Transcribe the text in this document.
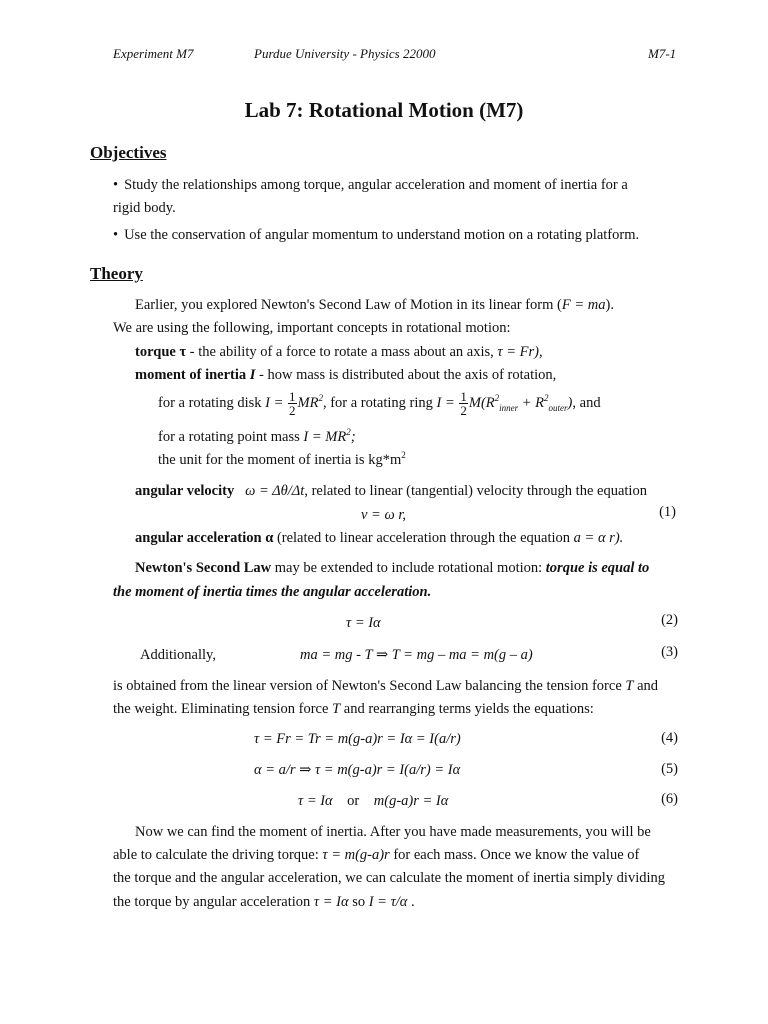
Experiment M7	Purdue University - Physics 22000	M7-1
Lab 7: Rotational Motion (M7)
Objectives
• Study the relationships among torque, angular acceleration and moment of inertia for a
rigid body.
• Use the conservation of angular momentum to understand motion on a rotating platform.
Theory
Earlier, you explored Newton's Second Law of Motion in its linear form (F = ma).
We are using the following, important concepts in rotational motion:
torque τ - the ability of a force to rotate a mass about an axis, τ = Fr),
moment of inertia I - how mass is distributed about the axis of rotation,
for a rotating disk $I = \frac{1}{2} MR^2$, for a rotating ring $I = \frac{1}{2} M(R^2_{inner} + R^2_{outer})$, and
for a rotating point mass $I = MR^2$;
the unit for the moment of inertia is $kg*m^2$
angular velocity ω = Δθ/Δt, related to linear (tangential) velocity through the equation
v = ω r,	(1)
angular acceleration α (related to linear acceleration through the equation a = α r).
Newton's Second Law may be extended to include rotational motion: torque is equal to
the moment of inertia times the angular acceleration.
τ = Iα	(2)
Additionally,	ma = mg - T ⇒ T = mg – ma = m(g – a)	(3)
is obtained from the linear version of Newton's Second Law balancing the tension force T and
the weight. Eliminating tension force T and rearranging terms yields the equations:
τ = Fr = Tr = m(g-a)r = Iα = I(a/r)	(4)
α = a/r ⇒ τ = m(g-a)r = I(a/r) = Iα	(5)
τ = Iα or m(g-a)r = Iα	(6)
Now we can find the moment of inertia. After you have made measurements, you will be
able to calculate the driving torque: τ = m(g-a)r for each mass. Once we know the value of
the torque and the angular acceleration, we can calculate the moment of inertia simply dividing
the torque by angular acceleration τ = Iα so I = τ/α .
